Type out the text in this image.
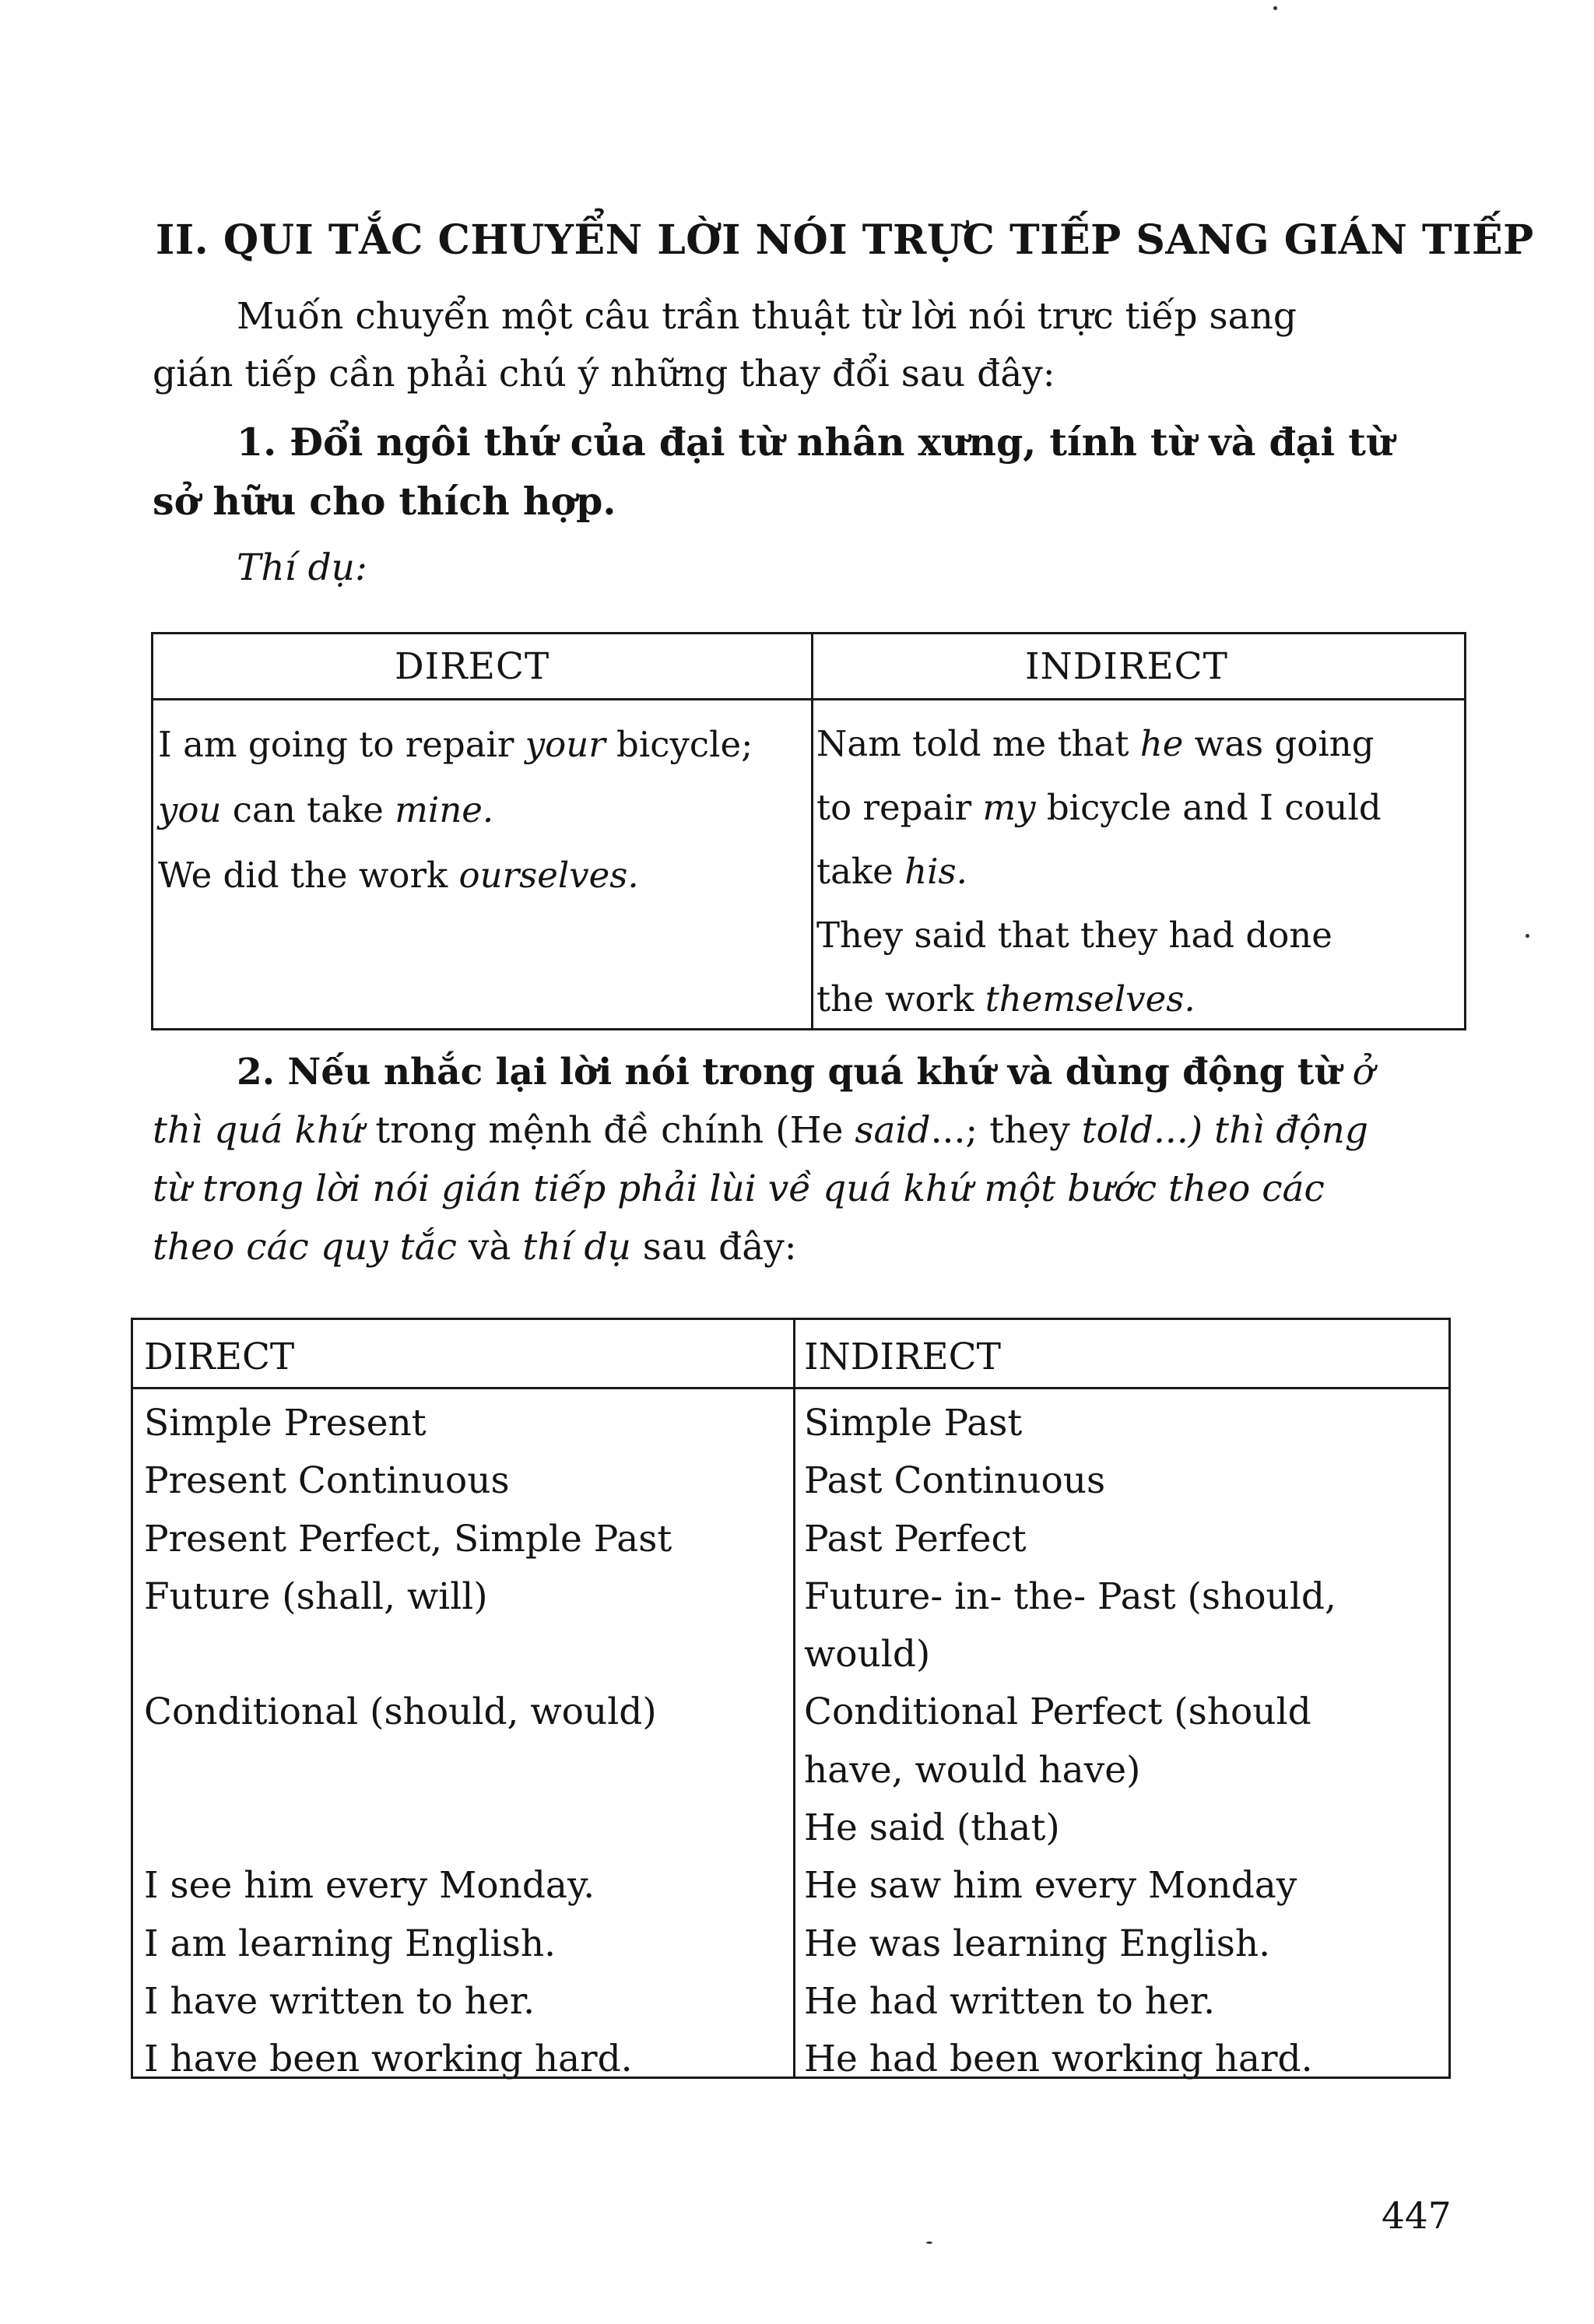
II. QUI TẮC CHUYỂN LỜI NÓI TRỰC TIẾP SANG GIÁN TIẾP
Muốn chuyển một câu trần thuật từ lời nói trực tiếp sang
gián tiếp cần phải chú ý những thay đổi sau đây:
1. Đổi ngôi thứ của đại từ nhân xưng, tính từ và đại từ
sở hữu cho thích hợp.
Thí dụ:
DIRECT	INDIRECT
I am going to repair your bicycle;
you can take mine.
We did the work ourselves.
Nam told me that he was going
to repair my bicycle and I could
take his.
They said that they had done
the work themselves.
2. Nếu nhắc lại lời nói trong quá khứ và dùng động từ ở
thì quá khứ trong mệnh đề chính (He said...; they told...) thì động
từ trong lời nói gián tiếp phải lùi về quá khứ một bước theo các
theo các quy tắc và thí dụ sau đây:
DIRECT
Simple Present
Present Continuous
Present Perfect, Simple Past
Future (shall, will)
Conditional (should, would)
I see him every Monday.
I am learning English.
I have written to her.
I have been working hard.
INDIRECT
Simple Past
Past Continuous
Past Perfect
Future- in- the- Past (should,
would)
Conditional Perfect (should
have, would have)
He said (that)
He saw him every Monday
He was learning English.
He had written to her.
He had been working hard.
447
